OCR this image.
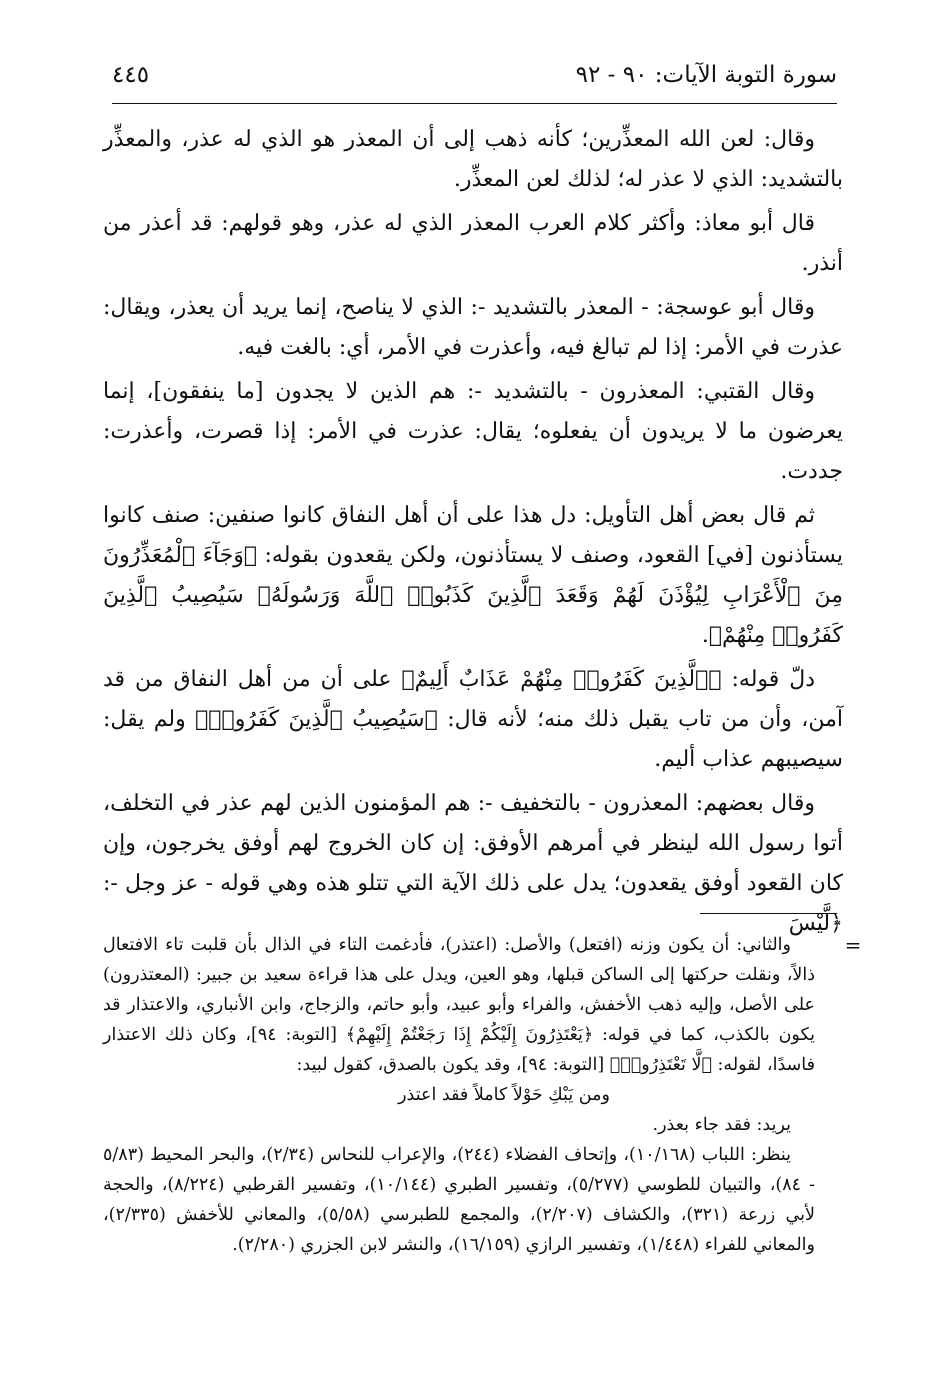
سورة التوبة الآيات: ٩٠ - ٩٢
٤٤٥

وقال: لعن الله المعذِّرين؛ كأنه ذهب إلى أن المعذر هو الذي له عذر، والمعذِّر بالتشديد: الذي لا عذر له؛ لذلك لعن المعذِّر.

قال أبو معاذ: وأكثر كلام العرب المعذر الذي له عذر، وهو قولهم: قد أعذر من أنذر.

وقال أبو عوسجة: - المعذر بالتشديد -: الذي لا يناصح، إنما يريد أن يعذر، ويقال: عذرت في الأمر: إذا لم تبالغ فيه، وأعذرت في الأمر، أي: بالغت فيه.

وقال القتبي: المعذرون - بالتشديد -: هم الذين لا يجدون [ما ينفقون]، إنما يعرضون ما لا يريدون أن يفعلوه؛ يقال: عذرت في الأمر: إذا قصرت، وأعذرت: جددت.

ثم قال بعض أهل التأويل: دل هذا على أن أهل النفاق كانوا صنفين: صنف كانوا يستأذنون [في] القعود، وصنف لا يستأذنون، ولكن يقعدون بقوله: ﴿وَجَآءَ ٱلْمُعَذِّرُونَ مِنَ ٱلْأَعْرَابِ لِيُؤْذَنَ لَهُمْ وَقَعَدَ ٱلَّذِينَ كَذَبُوا۟ ٱللَّهَ وَرَسُولَهُۥ سَيُصِيبُ ٱلَّذِينَ كَفَرُوا۟ مِنْهُمْ﴾.

دلّ قوله: ﴿ٱلَّذِينَ كَفَرُوا۟ مِنْهُمْ عَذَابٌ أَلِيمٌ﴾ على أن من أهل النفاق من قد آمن، وأن من تاب يقبل ذلك منه؛ لأنه قال: ﴿سَيُصِيبُ ٱلَّذِينَ كَفَرُوا۟﴾ ولم يقل: سيصيبهم عذاب أليم.

وقال بعضهم: المعذرون - بالتخفيف -: هم المؤمنون الذين لهم عذر في التخلف، أتوا رسول الله لينظر في أمرهم الأوفق: إن كان الخروج لهم أوفق يخرجون، وإن كان القعود أوفق يقعدون؛ يدل على ذلك الآية التي تتلو هذه وهي قوله - عز وجل -: ﴿لَّيْسَ

=

والثاني: أن يكون وزنه (افتعل) والأصل: (اعتذر)، فأدغمت التاء في الذال بأن قلبت تاء الافتعال ذالاً، ونقلت حركتها إلى الساكن قبلها، وهو العين، ويدل على هذا قراءة سعيد بن جبير: (المعتذرون) على الأصل، وإليه ذهب الأخفش، والفراء وأبو عبيد، وأبو حاتم، والزجاج، وابن الأنباري، والاعتذار قد يكون بالكذب، كما في قوله: ﴿يَعْتَذِرُونَ إِلَيْكُمْ إِذَا رَجَعْتُمْ إِلَيْهِمْ﴾ [التوبة: ٩٤]، وكان ذلك الاعتذار فاسدًا، لقوله: ﴿لَّا تَعْتَذِرُوا۟﴾ [التوبة: ٩٤]، وقد يكون بالصدق، كقول لبيد:

ومن يَبْكِ حَوْلاً كاملاً فقد اعتذر

يريد: فقد جاء بعذر.

ينظر: اللباب (١٠/١٦٨)، وإتحاف الفضلاء (٢٤٤)، والإعراب للنحاس (٢/٣٤)، والبحر المحيط (٥/٨٣ - ٨٤)، والتبيان للطوسي (٥/٢٧٧)، وتفسير الطبري (١٠/١٤٤)، وتفسير القرطبي (٨/٢٢٤)، والحجة لأبي زرعة (٣٢١)، والكشاف (٢/٢٠٧)، والمجمع للطبرسي (٥/٥٨)، والمعاني للأخفش (٢/٣٣٥)، والمعاني للفراء (١/٤٤٨)، وتفسير الرازي (١٦/١٥٩)، والنشر لابن الجزري (٢/٢٨٠).
